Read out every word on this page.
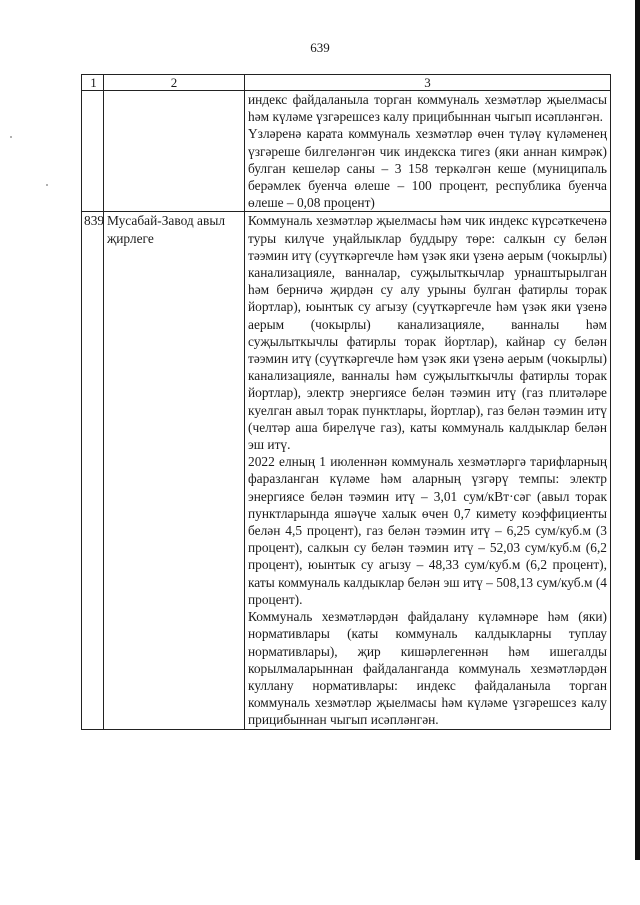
639
1	2	3

		индекс файдаланыла торган коммуналь хезмәтләр җыелмасы һәм күләме үзгәрешсез калу прицибыннан чыгып исәпләнгән.

Үзләренә карата коммуналь хезмәтләр өчен түләү күләменең үзгәреше билгеләнгән чик индекска тигез (яки аннан кимрәк) булган кешеләр саны – 3 158 теркәлгән кеше (муниципаль берәмлек буенча өлеше – 100 процент, республика буенча өлеше – 0,08 процент)

839	Мусабай-Завод авыл җирлеге	Коммуналь хезмәтләр җыелмасы һәм чик индекс күрсәткеченә туры килүче уңайлыклар буддыру төре: салкын су белән тәэмин итү (суүткәргечле һәм үзәк яки үзенә аерым (чокырлы) канализацияле, ванналар, суҗылыткычлар урнаштырылган һәм берничә җирдән су алу урыны булган фатирлы торак йортлар), юынтык су агызу (суүткәргечле һәм үзәк яки үзенә аерым (чокырлы) канализацияле, ванналы һәм суҗылыткычлы фатирлы торак йортлар), кайнар су белән тәэмин итү (суүткәргечле һәм үзәк яки үзенә аерым (чокырлы) канализацияле, ванналы һәм суҗылыткычлы фатирлы торак йортлар), электр энергиясе белән тәэмин итү (газ плитәләре куелган авыл торак пунктлары, йортлар), газ белән тәэмин итү (челтәр аша бирелүче газ), каты коммуналь калдыклар белән эш итү.

2022 елның 1 июленнән коммуналь хезмәтләргә тарифларның фаразланган күләме һәм аларның үзгәрү темпы: электр энергиясе белән тәэмин итү – 3,01 сум/кВт·сәг (авыл торак пунктларында яшәүче халык өчен 0,7 кимету коэффициенты белән 4,5 процент), газ белән тәэмин итү – 6,25 сум/куб.м (3 процент), салкын су белән тәэмин итү – 52,03 сум/куб.м (6,2 процент), юынтык су агызу – 48,33 сум/куб.м (6,2 процент), каты коммуналь калдыклар белән эш итү – 508,13 сум/куб.м (4 процент).

Коммуналь хезмәтләрдән файдалану күләмнәре һәм (яки) нормативлары (каты коммуналь калдыкларны туплау нормативлары), җир кишәрлегеннән һәм ишегалды корылмаларыннан файдаланганда коммуналь хезмәтләрдән куллану нормативлары: индекс файдаланыла торган коммуналь хезмәтләр җыелмасы һәм күләме үзгәрешсез калу прицибыннан чыгып исәпләнгән.
